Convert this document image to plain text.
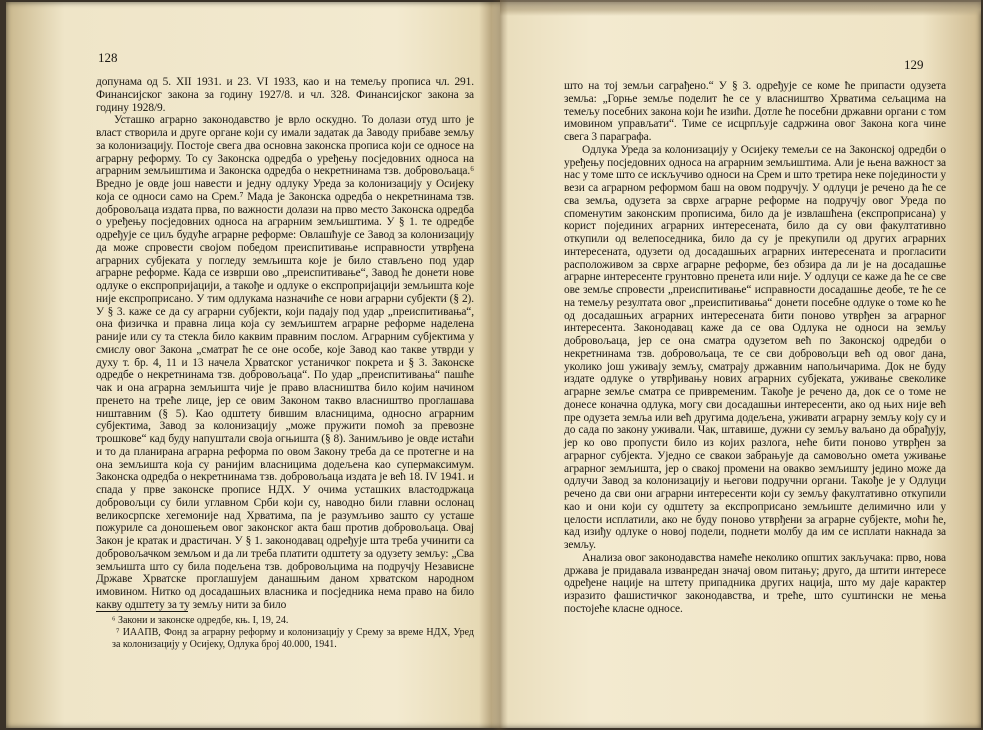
128

допунама од 5. XII 1931. и 23. VI 1933, као и на темељу прописа чл. 291. Финансијског закона за годину 1927/8. и чл. 328. Финансијског закона за годину 1928/9.

Усташко аграрно законодавство је врло оскудно. То долази отуд што је власт створила и друге органе који су имали задатак да Заводу прибаве земљу за колонизацију. Постоје свега два основна законска прописа који се односе на аграрну реформу. То су Законска одредба о уређењу посједовних односа на аграрним земљиштима и Законска одредба о некретнинама тзв. добровољаца.⁶ Вредно је овде још навести и једну одлуку Уреда за колонизацију у Осијеку која се односи само на Срем.⁷ Мада је Законска одредба о некретнинама тзв. добровољаца издата прва, по важности долази на прво место Законска одредба о уређењу посједовних односа на аграрним земљиштима. У § 1. те одредбе одређује се циљ будуће аграрне реформе: Овлашћује се Завод за колонизацију да може спровести својом победом преиспитивање исправности утврђена аграрних субјеката у погледу земљишта које је било стављено под удар аграрне реформе. Када се изврши ово „преиспитивање“, Завод ће донети нове одлуке о експропријацији, а такође и одлуке о експропријацији земљишта које није експроприсано. У тим одлукама назначиће се нови аграрни субјекти (§ 2). У § 3. каже се да су аграрни субјекти, који падају под удар „преиспитивања“, она физичка и правна лица која су земљиштем аграрне реформе наделена раније или су та стекла било каквим правним послом. Аграрним субјектима у смислу овог Закона „сматрат ће се оне особе, које Завод као такве утврди у духу т. бр. 4, 11 и 13 начела Хрватског устаничког покрета и § 3. Законске одредбе о некретнинама тзв. добровољаца“. По удар „преиспитивања“ пашће чак и она аграрна земљишта чије је право власништва било којим начином пренето на треће лице, јер се овим Законом такво власништво проглашава ништавним (§ 5). Као одштету бившим власницима, односно аграрним субјектима, Завод за колонизацију „може пружити помоћ за превозне трошкове“ кад буду напуштали своја огњишта (§ 8). Занимљиво је овде истаћи и то да планирана аграрна реформа по овом Закону треба да се протегне и на она земљишта која су ранијим власницима додељена као супермаксимум. Законска одредба о некретнинама тзв. добровољаца издата је већ 18. IV 1941. и спада у прве законске прописе НДХ. У очима усташких властодржаца добровољци су били углавном Срби који су, наводно били главни ослонац великосрпске хегемоније над Хрватима, па је разумљиво зашто су усташе пожуриле са доношењем овог законског акта баш против добровољаца. Овај Закон је кратак и драстичан. У § 1. законодавац одређује шта треба учинити са добровољачком земљом и да ли треба платити одштету за одузету земљу: „Сва земљишта што су била подељена тзв. добровољцима на подручју Независне Државе Хрватске проглашујем данашњим даном хрватском народном имовином. Нитко од досадашњих власника и посједника нема право на било какву одштету за ту земљу нити за било

⁶ Закони и законске одредбе, књ. I, 19, 24.

⁷ ИААПВ, Фонд за аграрну реформу и колонизацију у Срему за време НДХ, Уред за колонизацију у Осијеку, Одлука број 40.000, 1941.

129

што на тој земљи саграђено.“ У § 3. одређује се коме ће припасти одузета земља: „Горње земље поделит ће се у власништво Хрватима сељацима на темељу посебних закона који ће изићи. Дотле ће посебни државни органи с том имовином управљати“. Тиме се исцрпљује садржина овог Закона кога чине свега 3 параграфа.

Одлука Уреда за колонизацију у Осијеку темељи се на Законској одредби о уређењу посједовних односа на аграрним земљиштима. Али је њена важност за нас у томе што се искључиво односи на Срем и што третира неке појединости у вези са аграрном реформом баш на овом подручју. У одлуци је речено да ће се сва земља, одузета за сврхе аграрне реформе на подручју овог Уреда по споменутим законским прописима, било да је извлашћена (експроприсана) у корист појединих аграрних интересената, било да су ови факултативно откупили од велепоседника, било да су је прекупили од других аграрних интересената, одузети од досадашњих аграрних интересената и прогласити расположивом за сврхе аграрне реформе, без обзира да ли је на досадашње аграрне интересенте грунтовно пренета или није. У одлуци се каже да ће се све ове земље спровести „преиспитивање“ исправности досадашње деобе, те ће се на темељу резултата овог „преиспитивања“ донети посебне одлуке о томе ко ће од досадашњих аграрних интересената бити поново утврђен за аграрног интересента. Законодавац каже да се ова Одлука не односи на земљу добровољаца, јер се она сматра одузетом већ по Законској одредби о некретнинама тзв. добровољаца, те се сви добровољци већ од овог дана, уколико још уживају земљу, сматрају државним напољичарима. Док не буду издате одлуке о утврђивању нових аграрних субјеката, уживање свеколике аграрне земље сматра се привременим. Такође је речено да, док се о томе не донесе коначна одлука, могу сви досадашњи интересенти, ако од њих није већ пре одузета земља или већ другима додељена, уживати аграрну земљу коју су и до сада по закону уживали. Чак, штавише, дужни су земљу ваљано да обрађују, јер ко ово пропусти било из којих разлога, неће бити поново утврђен за аграрног субјекта. Уједно се свакои забрањује да самовољно омета уживање аграрног земљишта, јер о свакој промени на овакво земљишту једино може да одлучи Завод за колонизацију и његови подручни органи. Такође је у Одлуци речено да сви они аграрни интересенти који су земљу факултативно откупили као и они који су одштету за експроприсано земљиште делимично или у целости исплатили, ако не буду поново утврђени за аграрне субјекте, моћи ће, кад изиђу одлуке о новој подели, поднети молбу да им се исплати накнада за земљу.

Анализа овог законодавства намеће неколико општих закључака: прво, нова држава је придавала изванредан значај овом питању; друго, да штити интересе одређене нације на штету припадника других нација, што му даје карактер изразито фашистичког законодавства, и треће, што суштински не мења постојеће класне односе.
